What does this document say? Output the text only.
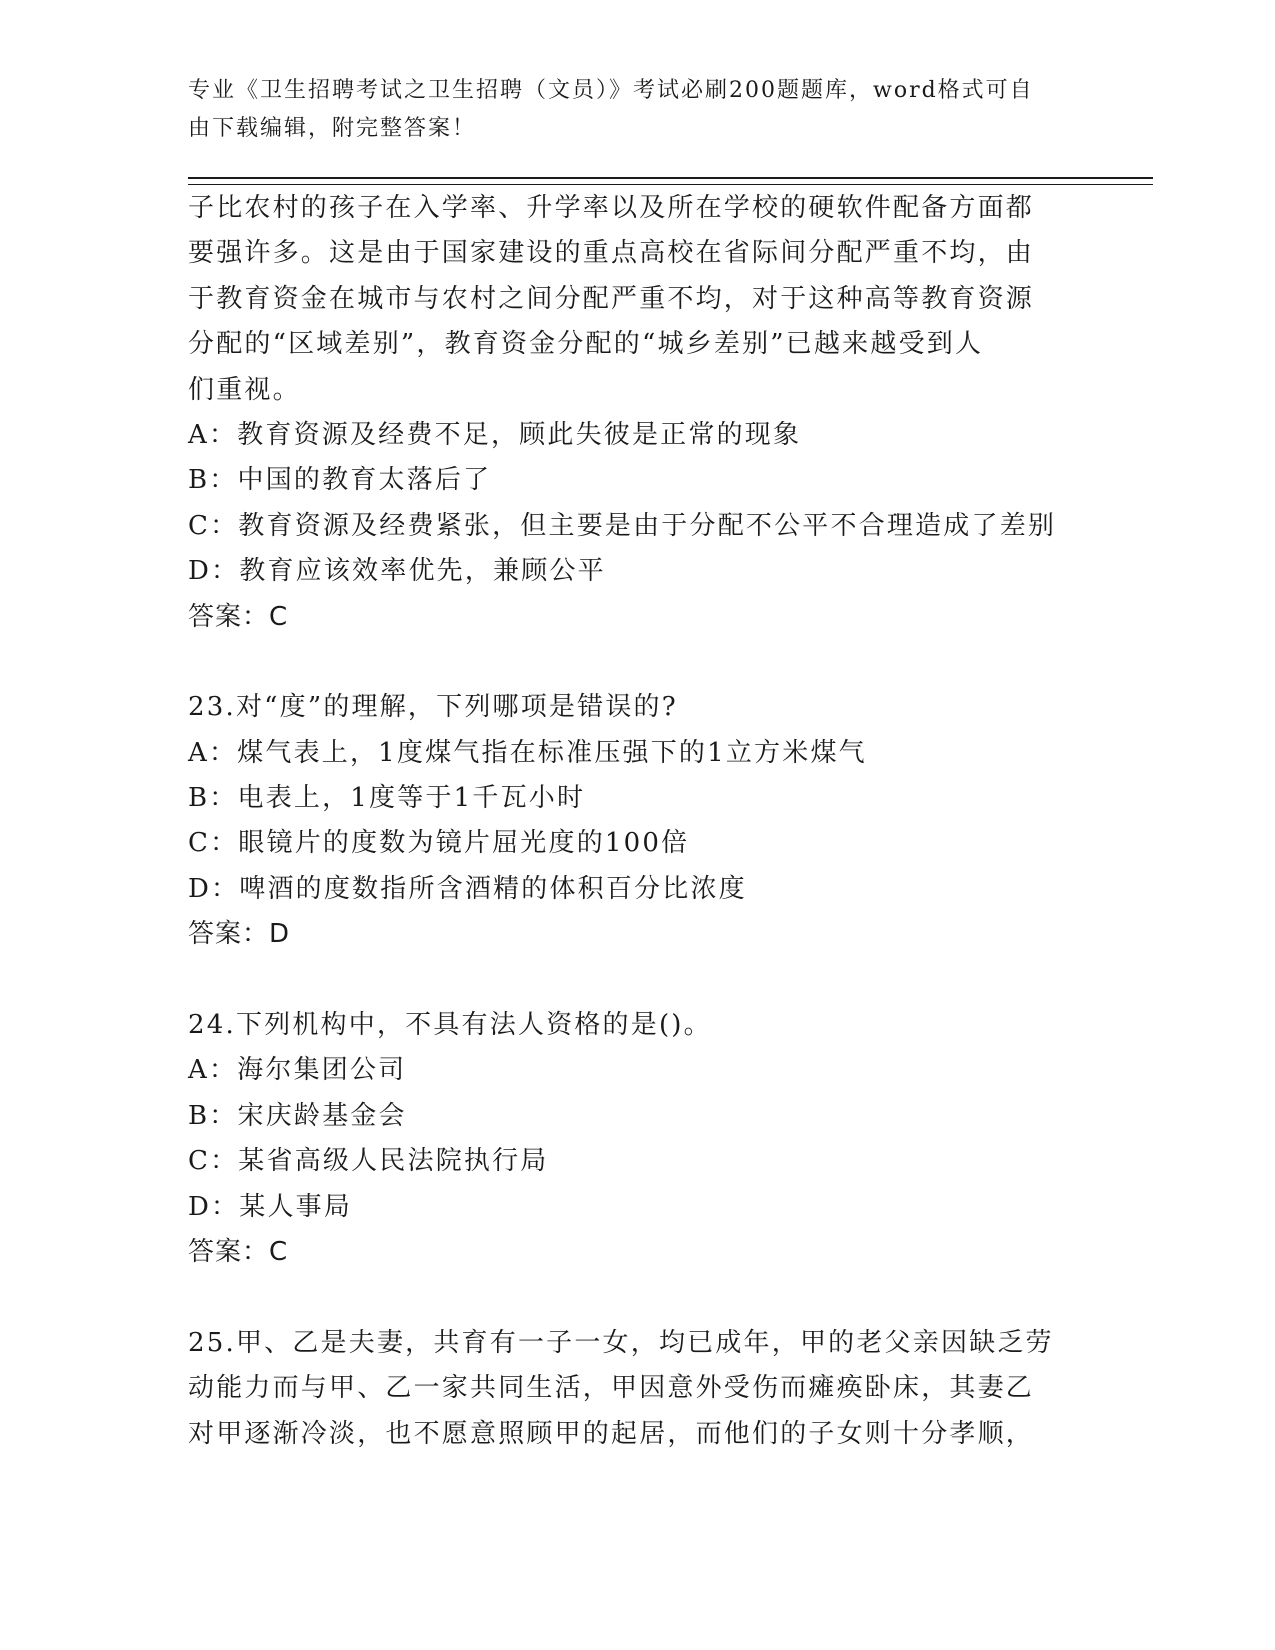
专业《卫生招聘考试之卫生招聘（文员）》考试必刷200题题库，word格式可自
由下载编辑，附完整答案！
子比农村的孩子在入学率、升学率以及所在学校的硬软件配备方面都
要强许多。这是由于国家建设的重点高校在省际间分配严重不均，由
于教育资金在城市与农村之间分配严重不均，对于这种高等教育资源
分配的“区域差别”，教育资金分配的“城乡差别”已越来越受到人
们重视。
A：教育资源及经费不足，顾此失彼是正常的现象
B：中国的教育太落后了
C：教育资源及经费紧张，但主要是由于分配不公平不合理造成了差别
D：教育应该效率优先，兼顾公平
答案：C
23.对“度”的理解，下列哪项是错误的?
A：煤气表上，1度煤气指在标准压强下的1立方米煤气
B：电表上，1度等于1千瓦小时
C：眼镜片的度数为镜片屈光度的100倍
D：啤酒的度数指所含酒精的体积百分比浓度
答案：D
24.下列机构中，不具有法人资格的是()。
A：海尔集团公司
B：宋庆龄基金会
C：某省高级人民法院执行局
D：某人事局
答案：C
25.甲、乙是夫妻，共育有一子一女，均已成年，甲的老父亲因缺乏劳
动能力而与甲、乙一家共同生活，甲因意外受伤而瘫痪卧床，其妻乙
对甲逐渐冷淡，也不愿意照顾甲的起居，而他们的子女则十分孝顺，
